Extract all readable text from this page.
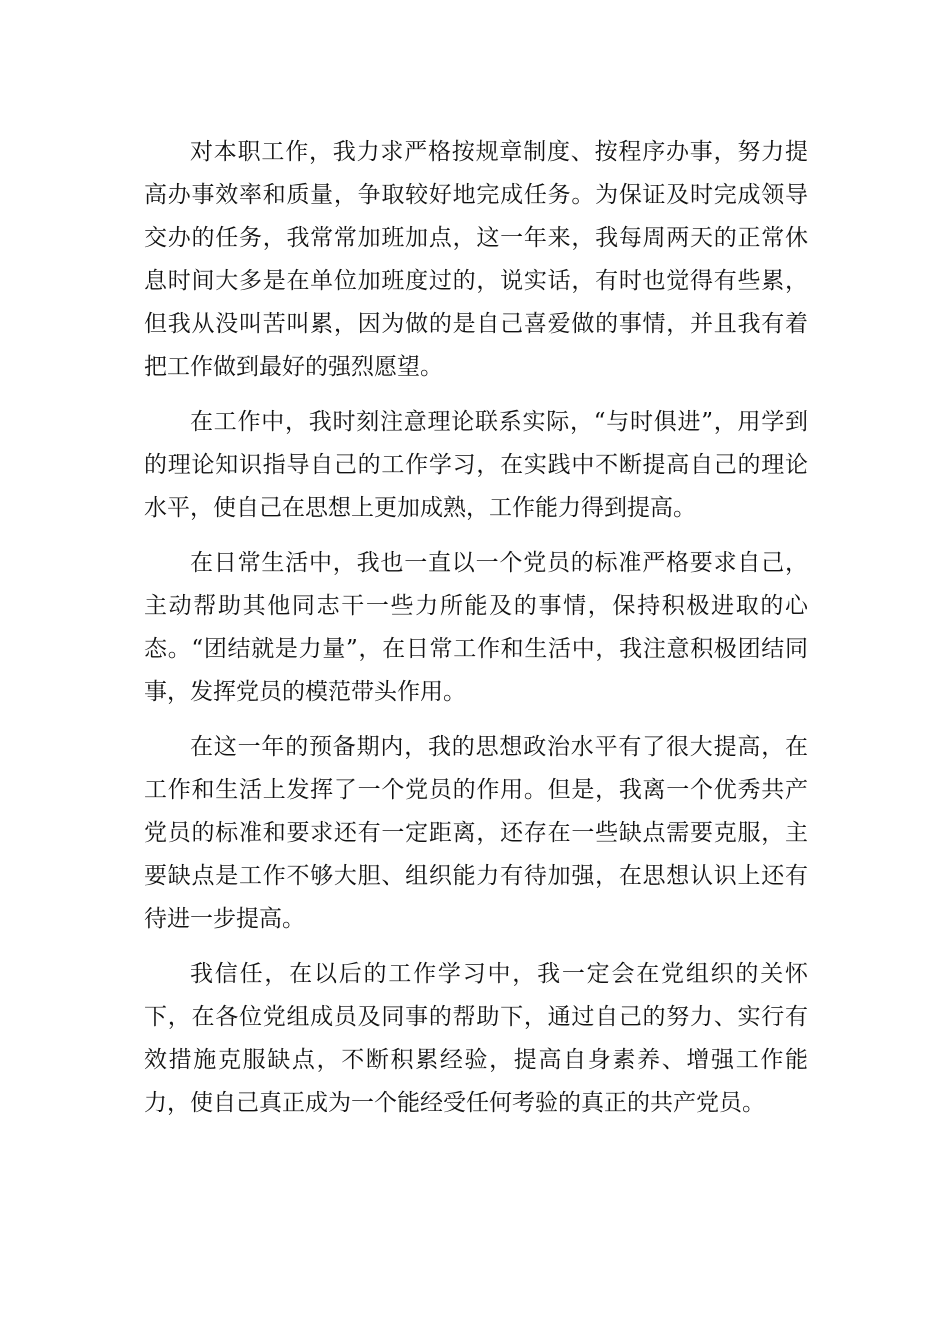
对本职工作，我力求严格按规章制度、按程序办事，努力提高办事效率和质量，争取较好地完成任务。为保证及时完成领导交办的任务，我常常加班加点，这一年来，我每周两天的正常休息时间大多是在单位加班度过的，说实话，有时也觉得有些累，但我从没叫苦叫累，因为做的是自己喜爱做的事情，并且我有着把工作做到最好的强烈愿望。

在工作中，我时刻注意理论联系实际，“与时俱进”，用学到的理论知识指导自己的工作学习，在实践中不断提高自己的理论水平，使自己在思想上更加成熟，工作能力得到提高。

在日常生活中，我也一直以一个党员的标准严格要求自己，主动帮助其他同志干一些力所能及的事情，保持积极进取的心态。“团结就是力量”，在日常工作和生活中，我注意积极团结同事，发挥党员的模范带头作用。

在这一年的预备期内，我的思想政治水平有了很大提高，在工作和生活上发挥了一个党员的作用。但是，我离一个优秀共产党员的标准和要求还有一定距离，还存在一些缺点需要克服，主要缺点是工作不够大胆、组织能力有待加强，在思想认识上还有待进一步提高。

我信任，在以后的工作学习中，我一定会在党组织的关怀下，在各位党组成员及同事的帮助下，通过自己的努力、实行有效措施克服缺点，不断积累经验，提高自身素养、增强工作能力，使自己真正成为一个能经受任何考验的真正的共产党员。
